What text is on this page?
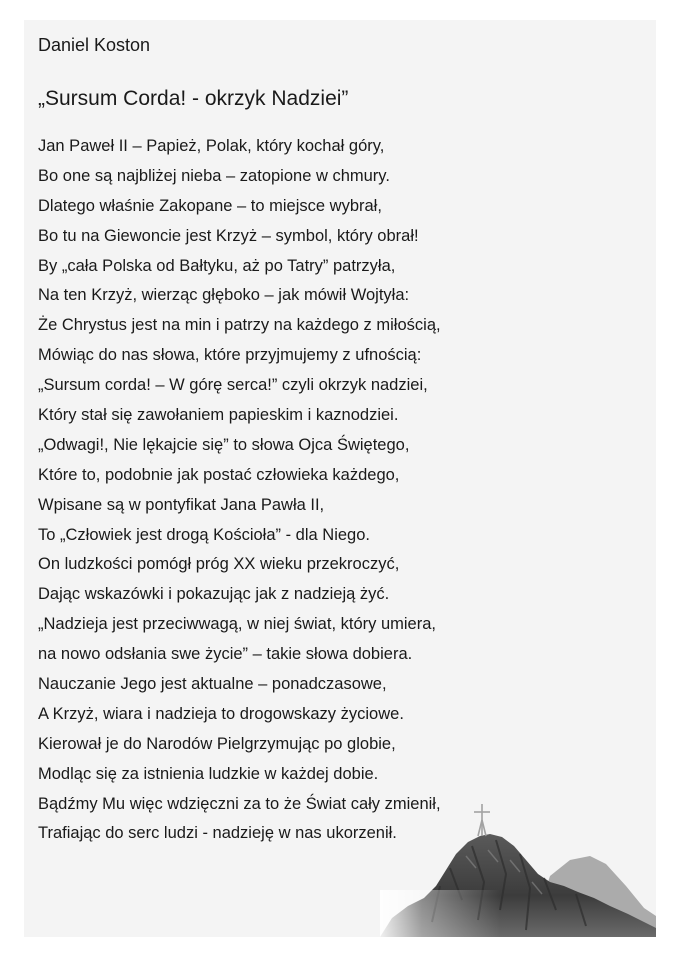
Daniel Koston
„Sursum Corda! - okrzyk Nadziei”
Jan Paweł II – Papież, Polak, który kochał góry,
Bo one są najbliżej nieba – zatopione w chmury.
Dlatego właśnie Zakopane – to miejsce wybrał,
Bo tu na Giewoncie jest Krzyż – symbol, który obrał!
By „cała Polska od Bałtyku, aż po Tatry” patrzyła,
Na ten Krzyż, wierząc głęboko – jak mówił Wojtyła:
Że Chrystus jest na min i patrzy na każdego z miłością,
Mówiąc do nas słowa, które przyjmujemy z ufnością:
„Sursum corda! – W górę serca!” czyli okrzyk nadziei,
Który stał się zawołaniem papieskim i kaznodziei.
„Odwagi!, Nie lękajcie się” to słowa Ojca Świętego,
Które to, podobnie jak postać człowieka każdego,
Wpisane są w pontyfikat Jana Pawła II,
To „Człowiek jest drogą Kościoła” - dla Niego.
On ludzkości pomógł próg XX wieku przekroczyć,
Dając wskazówki i pokazując jak z nadzieją żyć.
„Nadzieja jest przeciwwagą, w niej świat, który umiera,
na nowo odsłania swe życie” – takie słowa dobiera.
Nauczanie Jego jest aktualne – ponadczasowe,
A Krzyż, wiara i nadzieja to drogowskazy życiowe.
Kierował je do Narodów Pielgrzymując po globie,
Modląc się za istnienia ludzkie w każdej dobie.
Bądźmy Mu więc wdzięczni za to że Świat cały zmienił,
Trafiając do serc ludzi - nadzieję w nas ukorzenił.
